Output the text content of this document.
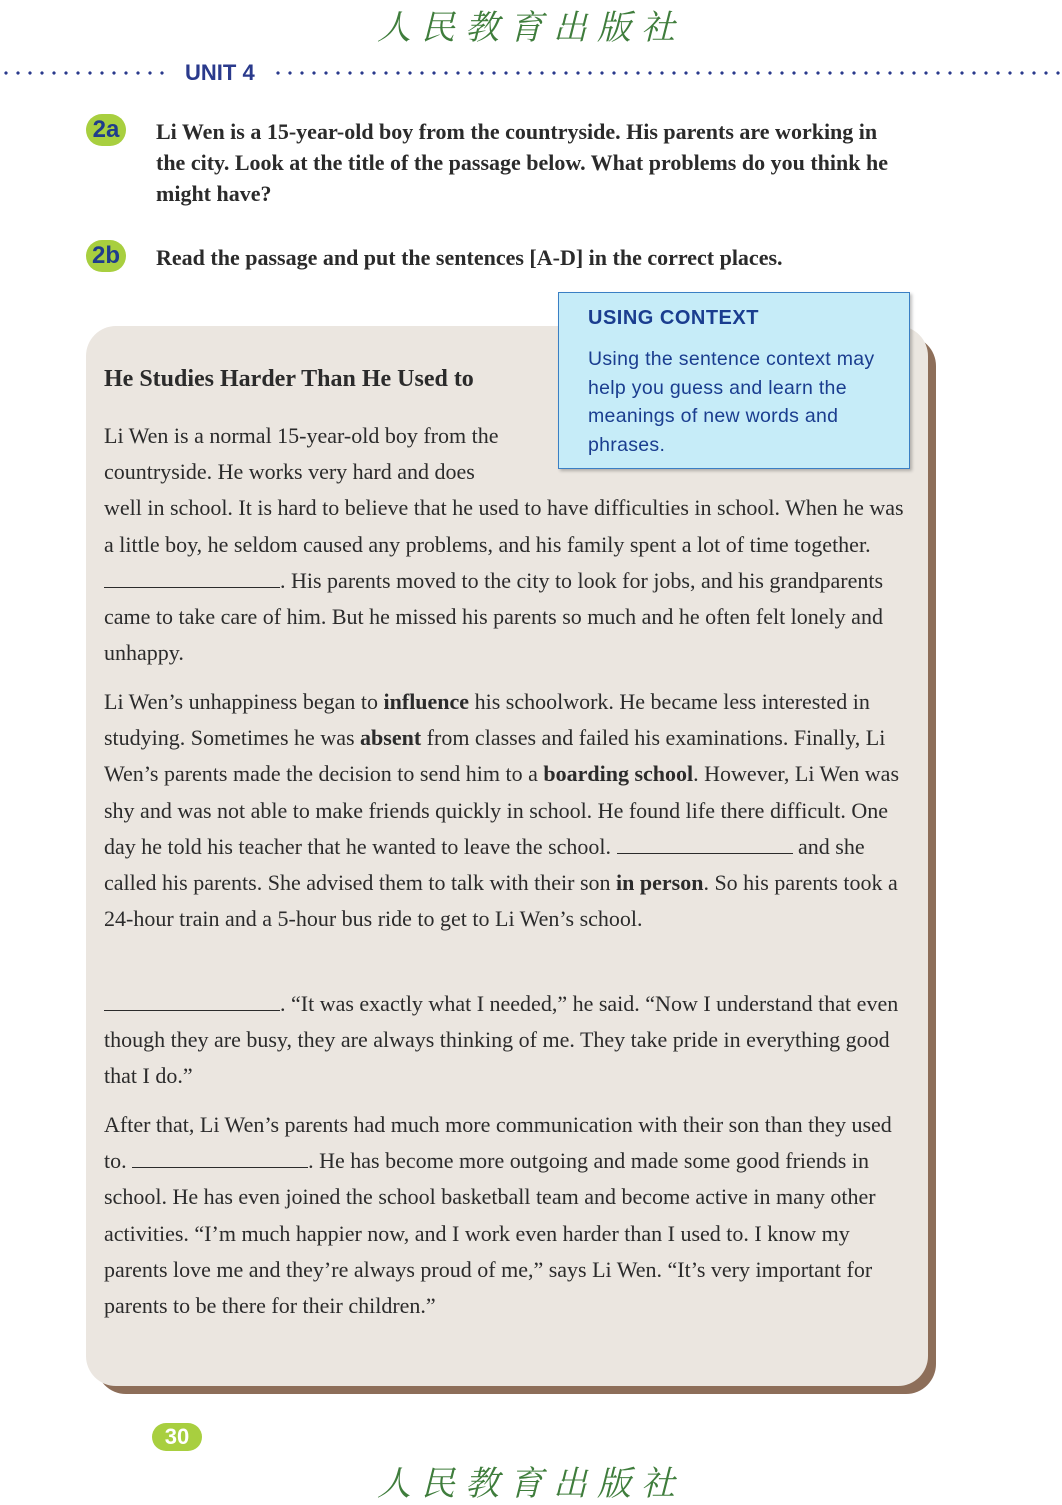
人民教育出版社
UNIT 4
2a	Li Wen is a 15-year-old boy from the countryside. His parents are working in the city. Look at the title of the passage below. What problems do you think he might have?
2b Read the passage and put the sentences [A-D] in the correct places.
He Studies Harder Than He Used to
Li Wen is a normal 15-year-old boy from the countryside. He works very hard and does well in school. It is hard to believe that he used to have difficulties in school. When he was a little boy, he seldom caused any problems, and his family spent a lot of time together. . His parents moved to the city to look for jobs, and his grandparents came to take care of him. But he missed his parents so much and he often felt lonely and unhappy.
Li Wen’s unhappiness began to influence his schoolwork. He became less interested in studying. Sometimes he was absent from classes and failed his examinations. Finally, Li Wen’s parents made the decision to send him to a boarding school. However, Li Wen was shy and was not able to make friends quickly in school. He found life there difficult. One day he told his teacher that he wanted to leave the school.	and she called his parents. She advised them to talk with their son in person. So his parents took a 24-hour train and a 5-hour bus ride to get to Li Wen’s school.
. “It was exactly what I needed,” he said. “Now I understand that even though they are busy, they are always thinking of me. They take pride in everything good that I do.”
After that, Li Wen’s parents had much more communication with their son than they used to.	. He has become more outgoing and made some good friends in school. He has even joined the school basketball team and become active in many other activities. “I’m much happier now, and I work even harder than I used to. I know my parents love me and they’re always proud of me,” says Li Wen. “It’s very important for parents to be there for their children.”
USING CONTEXT
Using the sentence context may help you guess and learn the meanings of new words and phrases.
30
人民教育出版社
